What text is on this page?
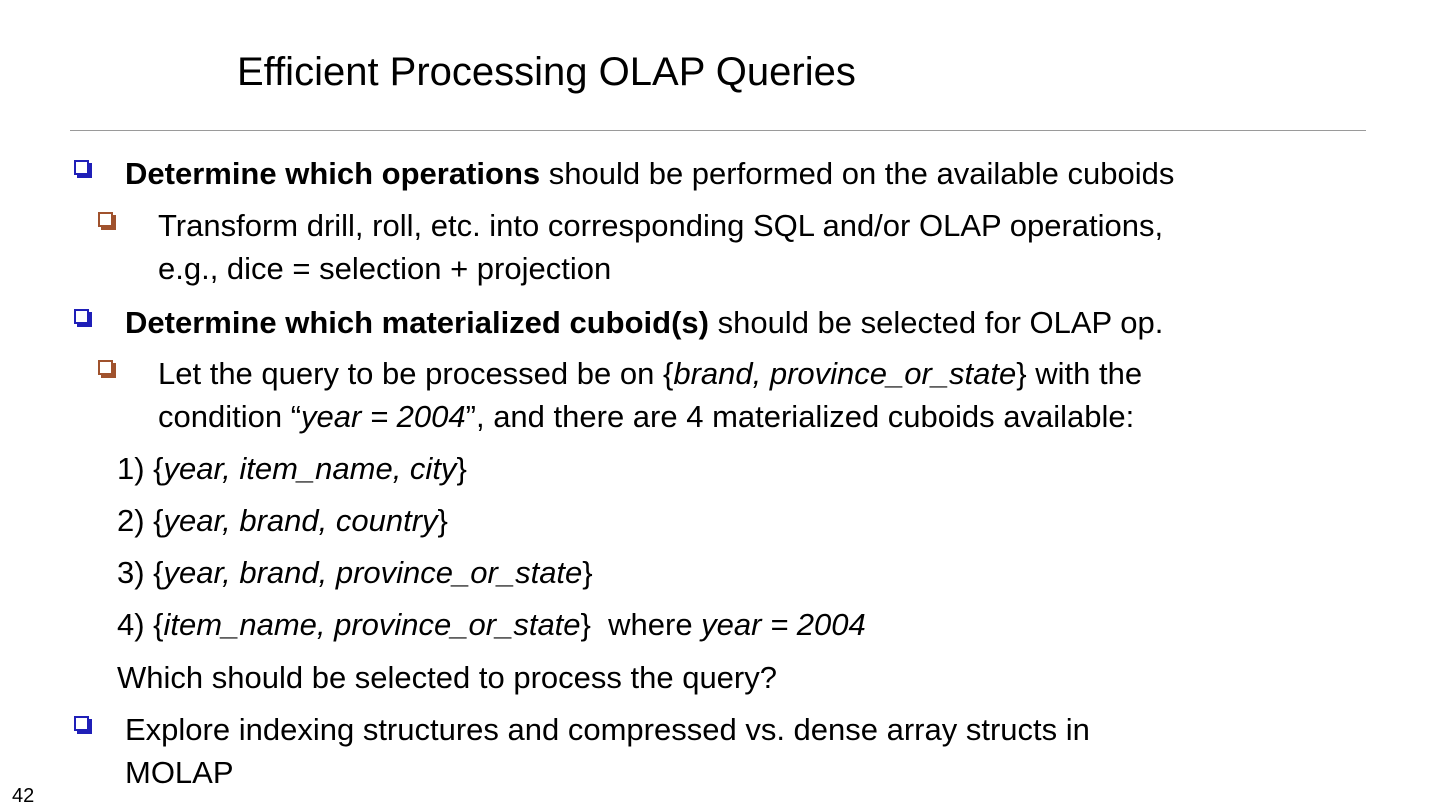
Efficient Processing OLAP Queries
Determine which operations should be performed on the available cuboids
Transform drill, roll, etc. into corresponding SQL and/or OLAP operations,
e.g., dice = selection + projection
Determine which materialized cuboid(s) should be selected for OLAP op.
Let the query to be processed be on {brand, province_or_state} with the
condition “year = 2004”, and there are 4 materialized cuboids available:
1) {year, item_name, city}
2) {year, brand, country}
3) {year, brand, province_or_state}
4) {item_name, province_or_state}  where year = 2004
Which should be selected to process the query?
Explore indexing structures and compressed vs. dense array structs in
MOLAP
42
